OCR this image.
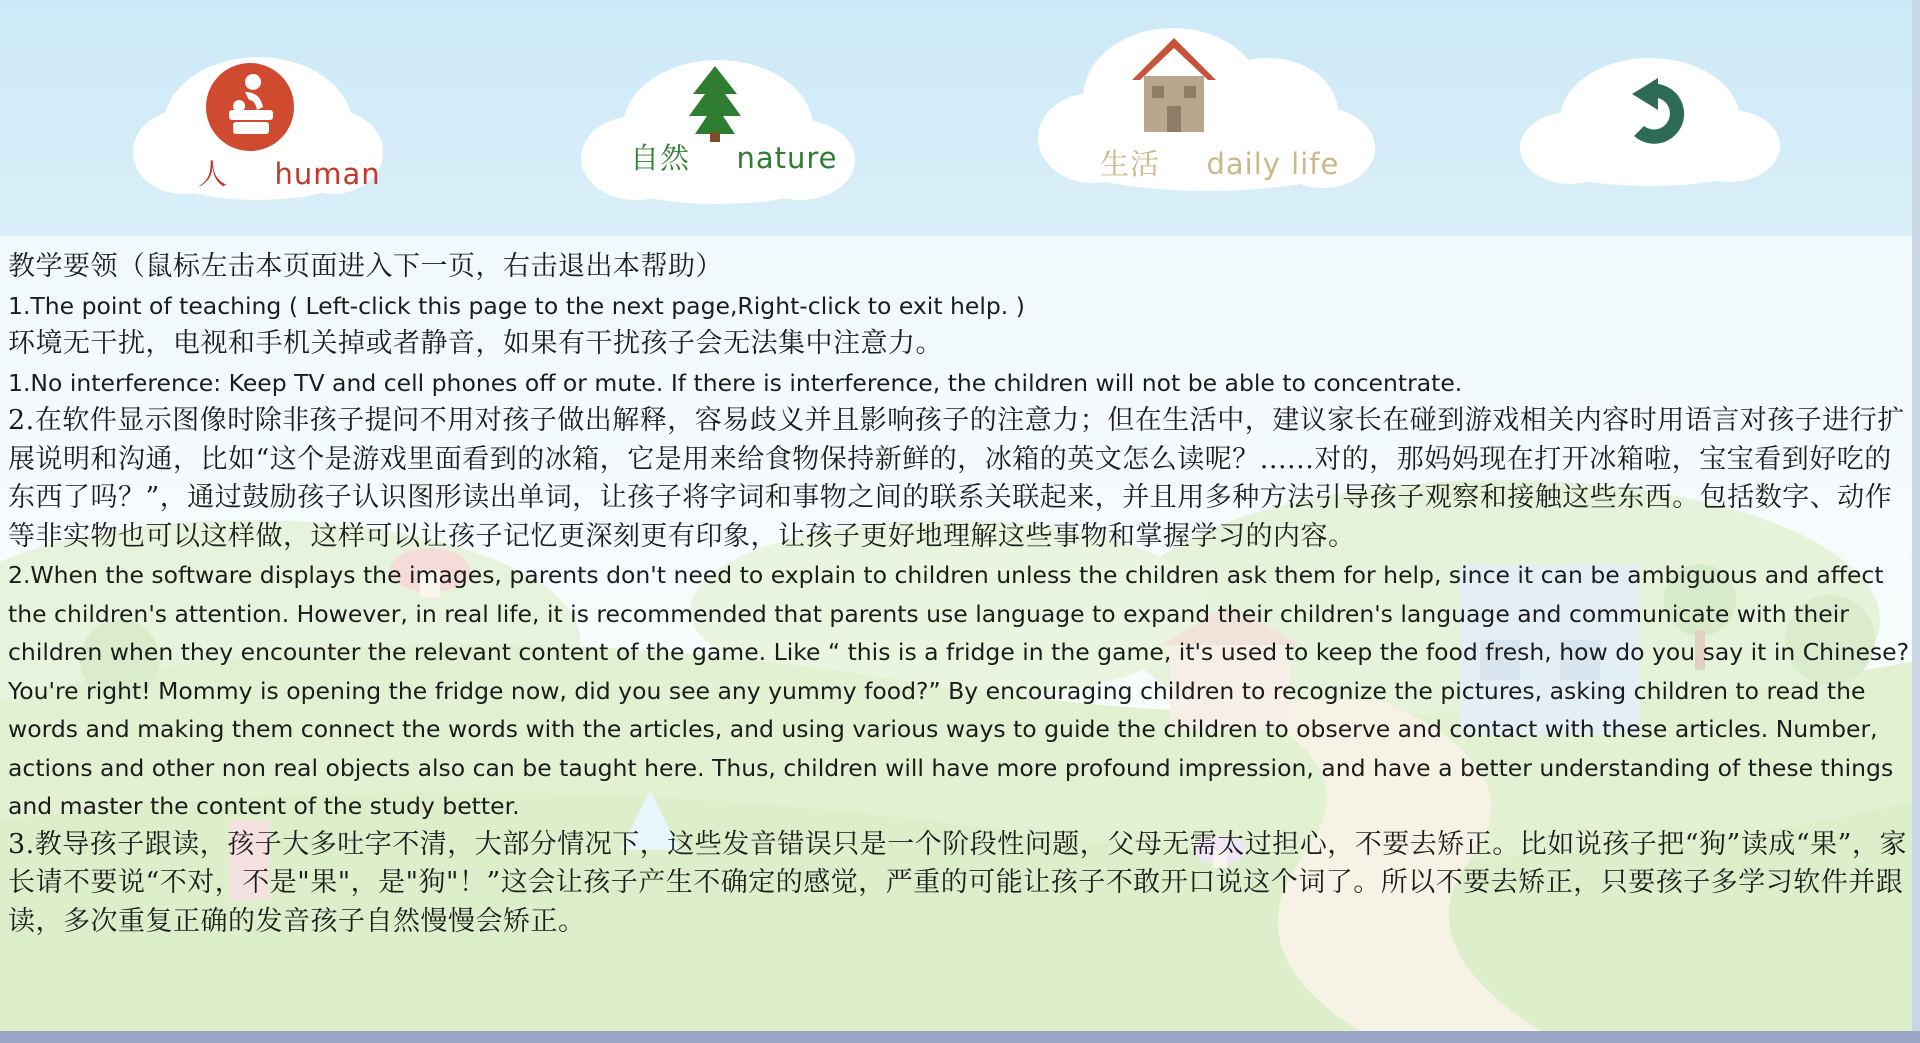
人 human	自然 nature	生活 daily life

教学要领（鼠标左击本页面进入下一页，右击退出本帮助）

1.The point of teaching ( Left-click this page to the next page,Right-click to exit help. )

环境无干扰，电视和手机关掉或者静音，如果有干扰孩子会无法集中注意力。

1.No interference: Keep TV and cell phones off or mute. If there is interference, the children will not be able to concentrate.

2.在软件显示图像时除非孩子提问不用对孩子做出解释，容易歧义并且影响孩子的注意力；但在生活中，建议家长在碰到游戏相关内容时用语言对孩子进行扩展说明和沟通，比如“这个是游戏里面看到的冰箱，它是用来给食物保持新鲜的，冰箱的英文怎么读呢？......对的，那妈妈现在打开冰箱啦，宝宝看到好吃的东西了吗？”，通过鼓励孩子认识图形读出单词，让孩子将字词和事物之间的联系关联起来，并且用多种方法引导孩子观察和接触这些东西。包括数字、动作等非实物也可以这样做，这样可以让孩子记忆更深刻更有印象，让孩子更好地理解这些事物和掌握学习的内容。

2.When the software displays the images, parents don't need to explain to children unless the children ask them for help, since it can be ambiguous and affect the children's attention. However, in real life, it is recommended that parents use language to expand their children's language and communicate with their children when they encounter the relevant content of the game. Like “ this is a fridge in the game, it's used to keep the food fresh, how do you say it in Chinese? You're right! Mommy is opening the fridge now, did you see any yummy food?” By encouraging children to recognize the pictures, asking children to read the words and making them connect the words with the articles, and using various ways to guide the children to observe and contact with these articles. Number, actions and other non real objects also can be taught here. Thus, children will have more profound impression, and have a better understanding of these things and master the content of the study better.

3.教导孩子跟读，孩子大多吐字不清，大部分情况下，这些发音错误只是一个阶段性问题，父母无需太过担心，不要去矫正。比如说孩子把“狗”读成“果”，家长请不要说“不对，不是"果"，是"狗"！”这会让孩子产生不确定的感觉，严重的可能让孩子不敢开口说这个词了。所以不要去矫正，只要孩子多学习软件并跟读，多次重复正确的发音孩子自然慢慢会矫正。
